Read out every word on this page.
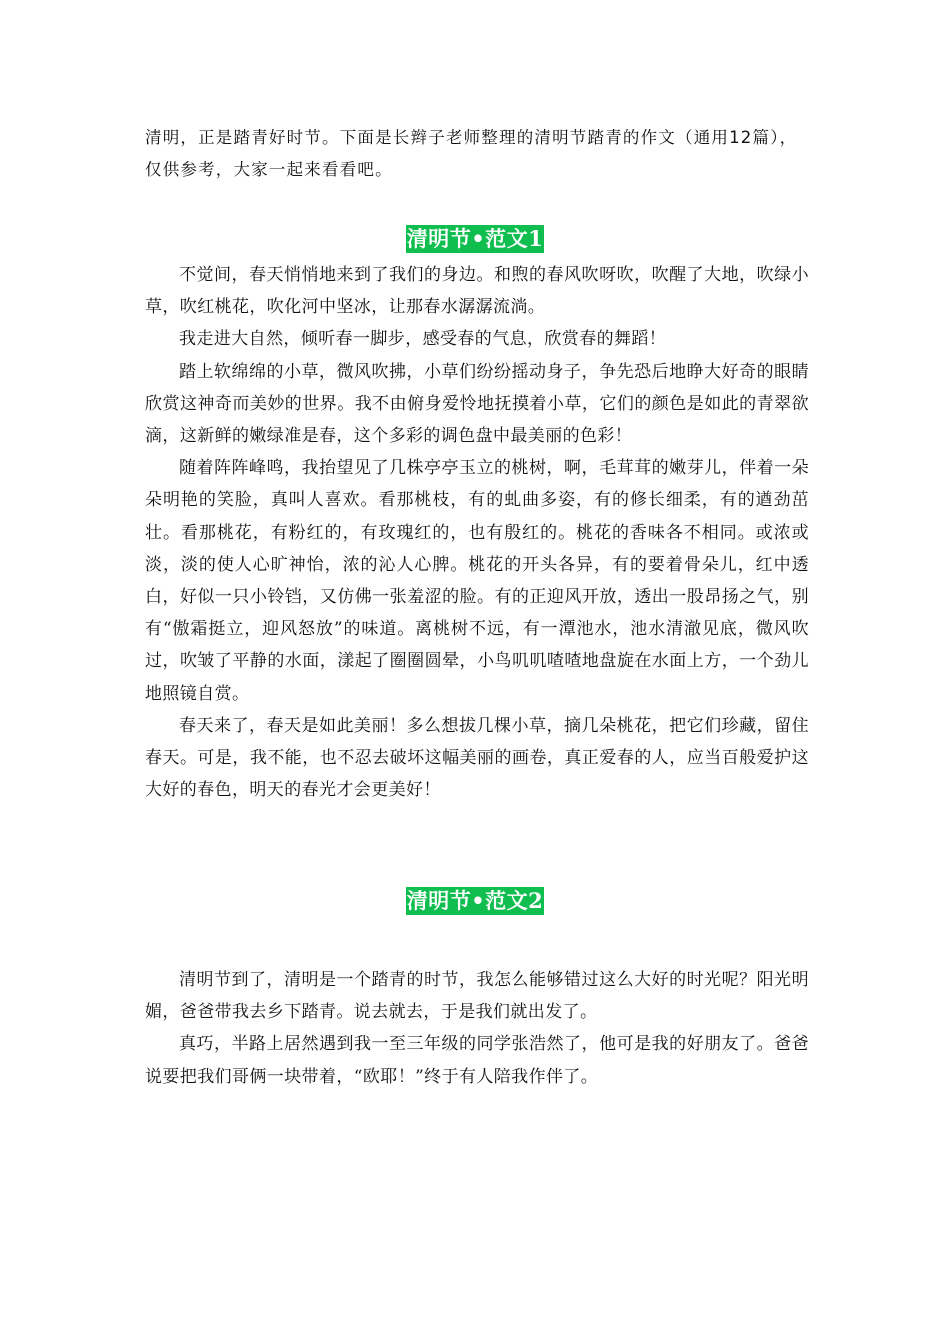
清明，正是踏青好时节。下面是长辫子老师整理的清明节踏青的作文（通用12篇），仅供参考，大家一起来看看吧。

清明节•范文1

不觉间，春天悄悄地来到了我们的身边。和煦的春风吹呀吹，吹醒了大地，吹绿小草，吹红桃花，吹化河中坚冰，让那春水潺潺流淌。

我走进大自然，倾听春一脚步，感受春的气息，欣赏春的舞蹈！

踏上软绵绵的小草，微风吹拂，小草们纷纷摇动身子，争先恐后地睁大好奇的眼睛欣赏这神奇而美妙的世界。我不由俯身爱怜地抚摸着小草，它们的颜色是如此的青翠欲滴，这新鲜的嫩绿准是春，这个多彩的调色盘中最美丽的色彩！

随着阵阵峰鸣，我抬望见了几株亭亭玉立的桃树，啊，毛茸茸的嫩芽儿，伴着一朵朵明艳的笑脸，真叫人喜欢。看那桃枝，有的虬曲多姿，有的修长细柔，有的遒劲茁壮。看那桃花，有粉红的，有玫瑰红的，也有殷红的。桃花的香味各不相同。或浓或淡，淡的使人心旷神怡，浓的沁人心脾。桃花的开头各异，有的要着骨朵儿，红中透白，好似一只小铃铛，又仿佛一张羞涩的脸。有的正迎风开放，透出一股昂扬之气，别有“傲霜挺立，迎风怒放”的味道。离桃树不远，有一潭池水，池水清澈见底，微风吹过，吹皱了平静的水面，漾起了圈圈圆晕，小鸟叽叽喳喳地盘旋在水面上方，一个劲儿地照镜自赏。

春天来了，春天是如此美丽！多么想拔几棵小草，摘几朵桃花，把它们珍藏，留住春天。可是，我不能，也不忍去破坏这幅美丽的画卷，真正爱春的人，应当百般爱护这大好的春色，明天的春光才会更美好！

清明节•范文2

清明节到了，清明是一个踏青的时节，我怎么能够错过这么大好的时光呢？阳光明媚，爸爸带我去乡下踏青。说去就去，于是我们就出发了。

真巧，半路上居然遇到我一至三年级的同学张浩然了，他可是我的好朋友了。爸爸说要把我们哥俩一块带着，“欧耶！”终于有人陪我作伴了。
